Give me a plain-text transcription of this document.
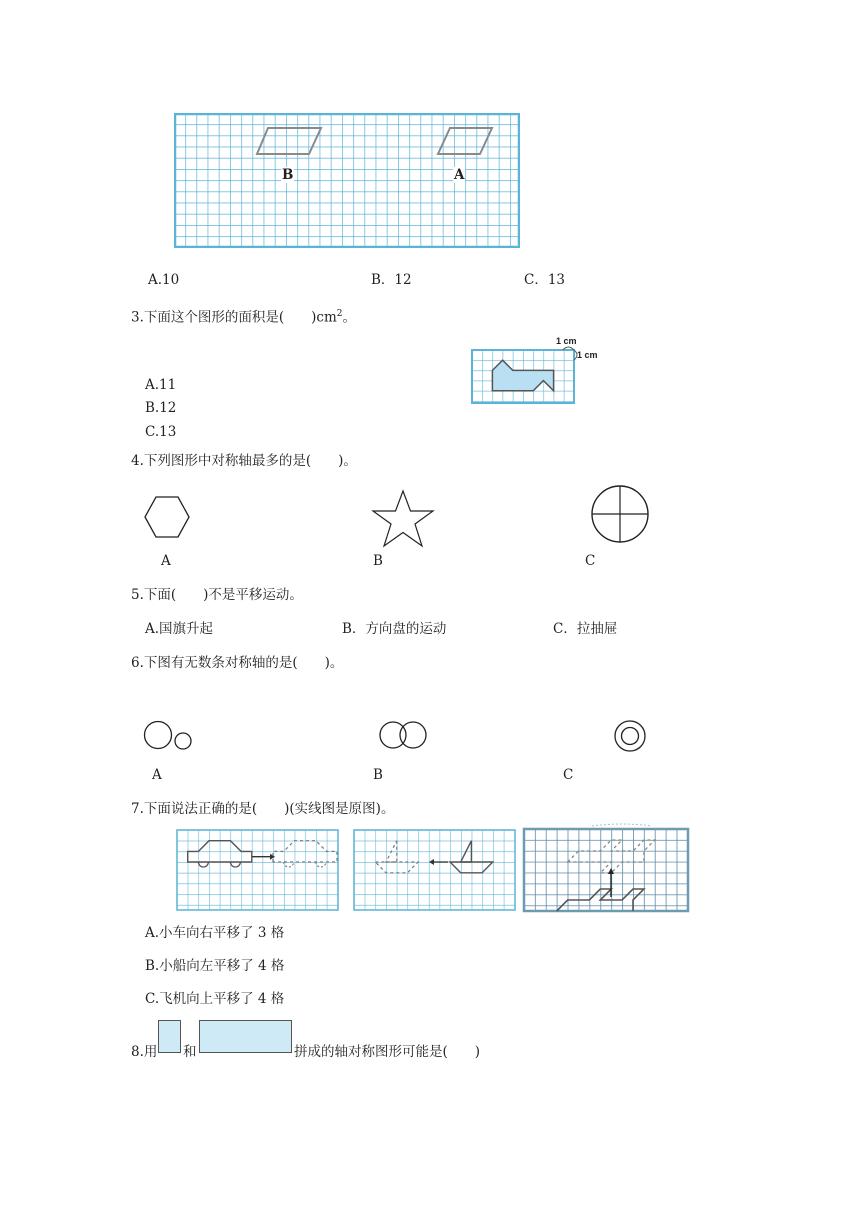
B	A
A.10	B．12	C．13
3.下面这个图形的面积是(　　 )$cm^2$。
1 cm
1 cm
A.11
B.12
C.13
4.下列图形中对称轴最多的是(　　)。
A	B	C
5.下面(　　)不是平移运动。
A.国旗升起	B．方向盘的运动	C．拉抽屉
6.下图有无数条对称轴的是(　　)。
A	B	C
7.下面说法正确的是(　　)(实线图是原图)。
A.小车向右平移了 3 格
B.小船向左平移了 4 格
C.飞机向上平移了 4 格
8.用 和	拼成的轴对称图形可能是(　　)
